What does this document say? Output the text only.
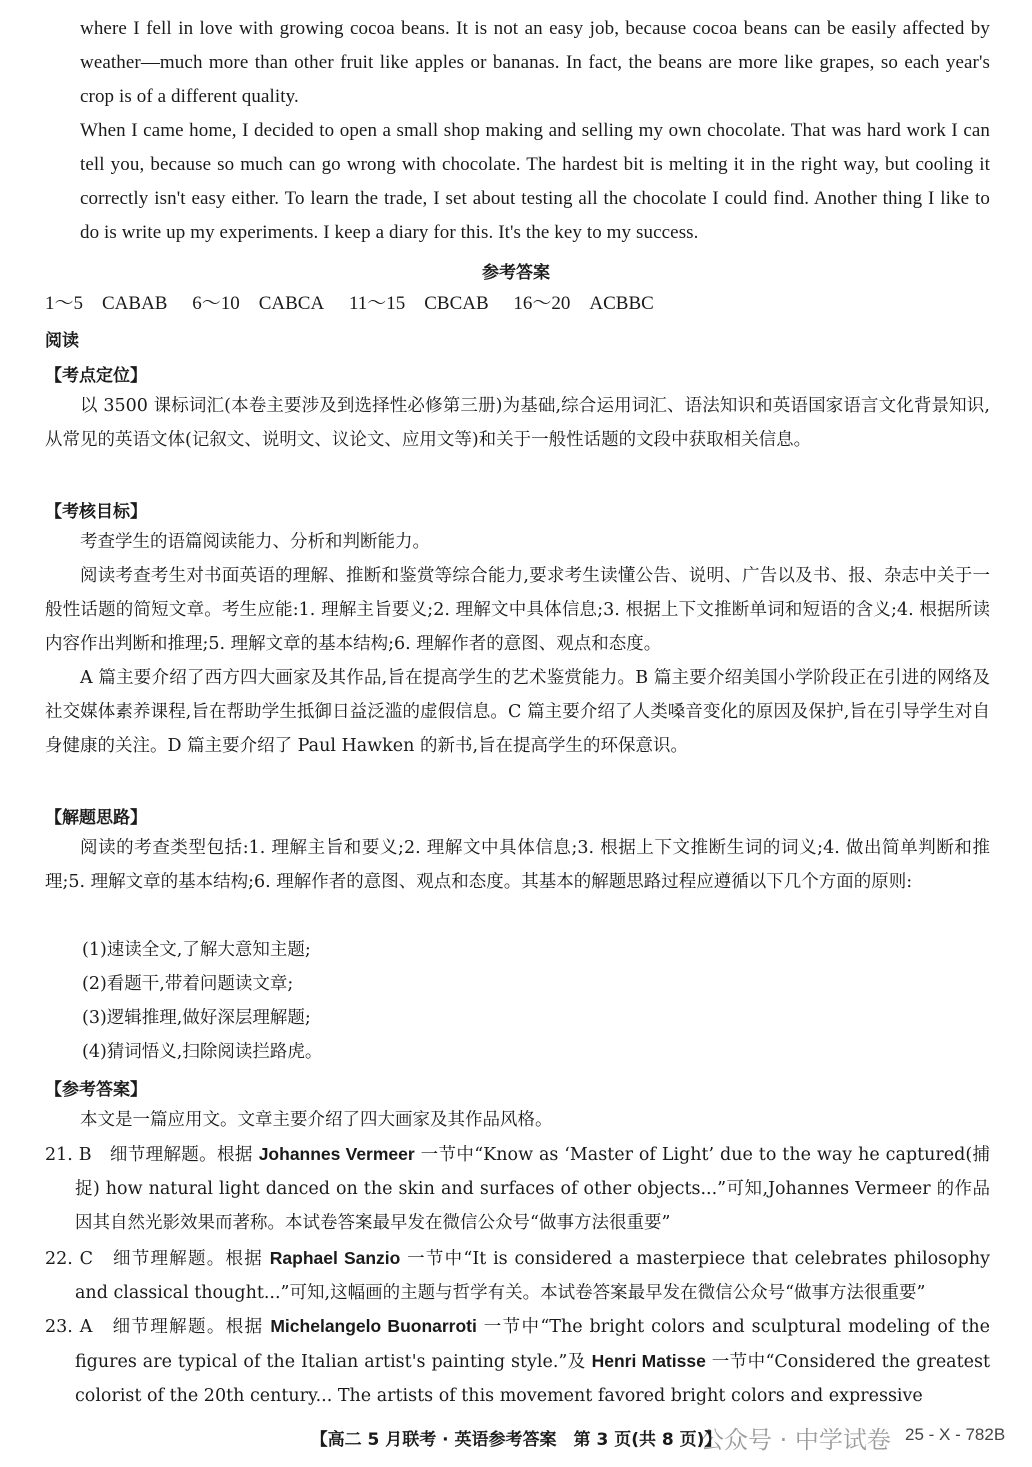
where I fell in love with growing cocoa beans. It is not an easy job, because cocoa beans can be easily affected by weather—much more than other fruit like apples or bananas. In fact, the beans are more like grapes, so each year's crop is of a different quality.

When I came home, I decided to open a small shop making and selling my own chocolate. That was hard work I can tell you, because so much can go wrong with chocolate. The hardest bit is melting it in the right way, but cooling it correctly isn't easy either. To learn the trade, I set about testing all the chocolate I could find. Another thing I like to do is write up my experiments. I keep a diary for this. It's the key to my success.

参考答案
1～5　CABAB 6～10　CABCA 11～15　CBCAB 16～20　ACBBC
阅读
【考点定位】

以 3500 课标词汇(本卷主要涉及到选择性必修第三册)为基础,综合运用词汇、语法知识和英语国家语言文化背景知识,从常见的英语文体(记叙文、说明文、议论文、应用文等)和关于一般性话题的文段中获取相关信息。

【考核目标】

考查学生的语篇阅读能力、分析和判断能力。

阅读考查考生对书面英语的理解、推断和鉴赏等综合能力,要求考生读懂公告、说明、广告以及书、报、杂志中关于一般性话题的简短文章。考生应能:1. 理解主旨要义;2. 理解文中具体信息;3. 根据上下文推断单词和短语的含义;4. 根据所读内容作出判断和推理;5. 理解文章的基本结构;6. 理解作者的意图、观点和态度。

A 篇主要介绍了西方四大画家及其作品,旨在提高学生的艺术鉴赏能力。B 篇主要介绍美国小学阶段正在引进的网络及社交媒体素养课程,旨在帮助学生抵御日益泛滥的虚假信息。C 篇主要介绍了人类嗓音变化的原因及保护,旨在引导学生对自身健康的关注。D 篇主要介绍了 Paul Hawken 的新书,旨在提高学生的环保意识。

【解题思路】

阅读的考查类型包括:1. 理解主旨和要义;2. 理解文中具体信息;3. 根据上下文推断生词的词义;4. 做出简单判断和推理;5. 理解文章的基本结构;6. 理解作者的意图、观点和态度。其基本的解题思路过程应遵循以下几个方面的原则:

(1)速读全文,了解大意知主题;
(2)看题干,带着问题读文章;
(3)逻辑推理,做好深层理解题;
(4)猜词悟义,扫除阅读拦路虎。
【参考答案】

本文是一篇应用文。文章主要介绍了四大画家及其作品风格。

21. B　细节理解题。根据 Johannes Vermeer 一节中“Know as ‘Master of Light’ due to the way he captured(捕捉) how natural light danced on the skin and surfaces of other objects...”可知,Johannes Vermeer 的作品因其自然光影效果而著称。本试卷答案最早发在微信公众号“做事方法很重要”
22. C　细节理解题。根据 Raphael Sanzio 一节中“It is considered a masterpiece that celebrates philosophy and classical thought...”可知,这幅画的主题与哲学有关。本试卷答案最早发在微信公众号“做事方法很重要”
23. A　细节理解题。根据 Michelangelo Buonarroti 一节中“The bright colors and sculptural modeling of the figures are typical of the Italian artist's painting style.”及 Henri Matisse 一节中“Considered the greatest colorist of the 20th century... The artists of this movement favored bright colors and expressive
公众号 · 中学试卷
【高二 5 月联考 · 英语参考答案　第 3 页(共 8 页)】	25 - X - 782B
